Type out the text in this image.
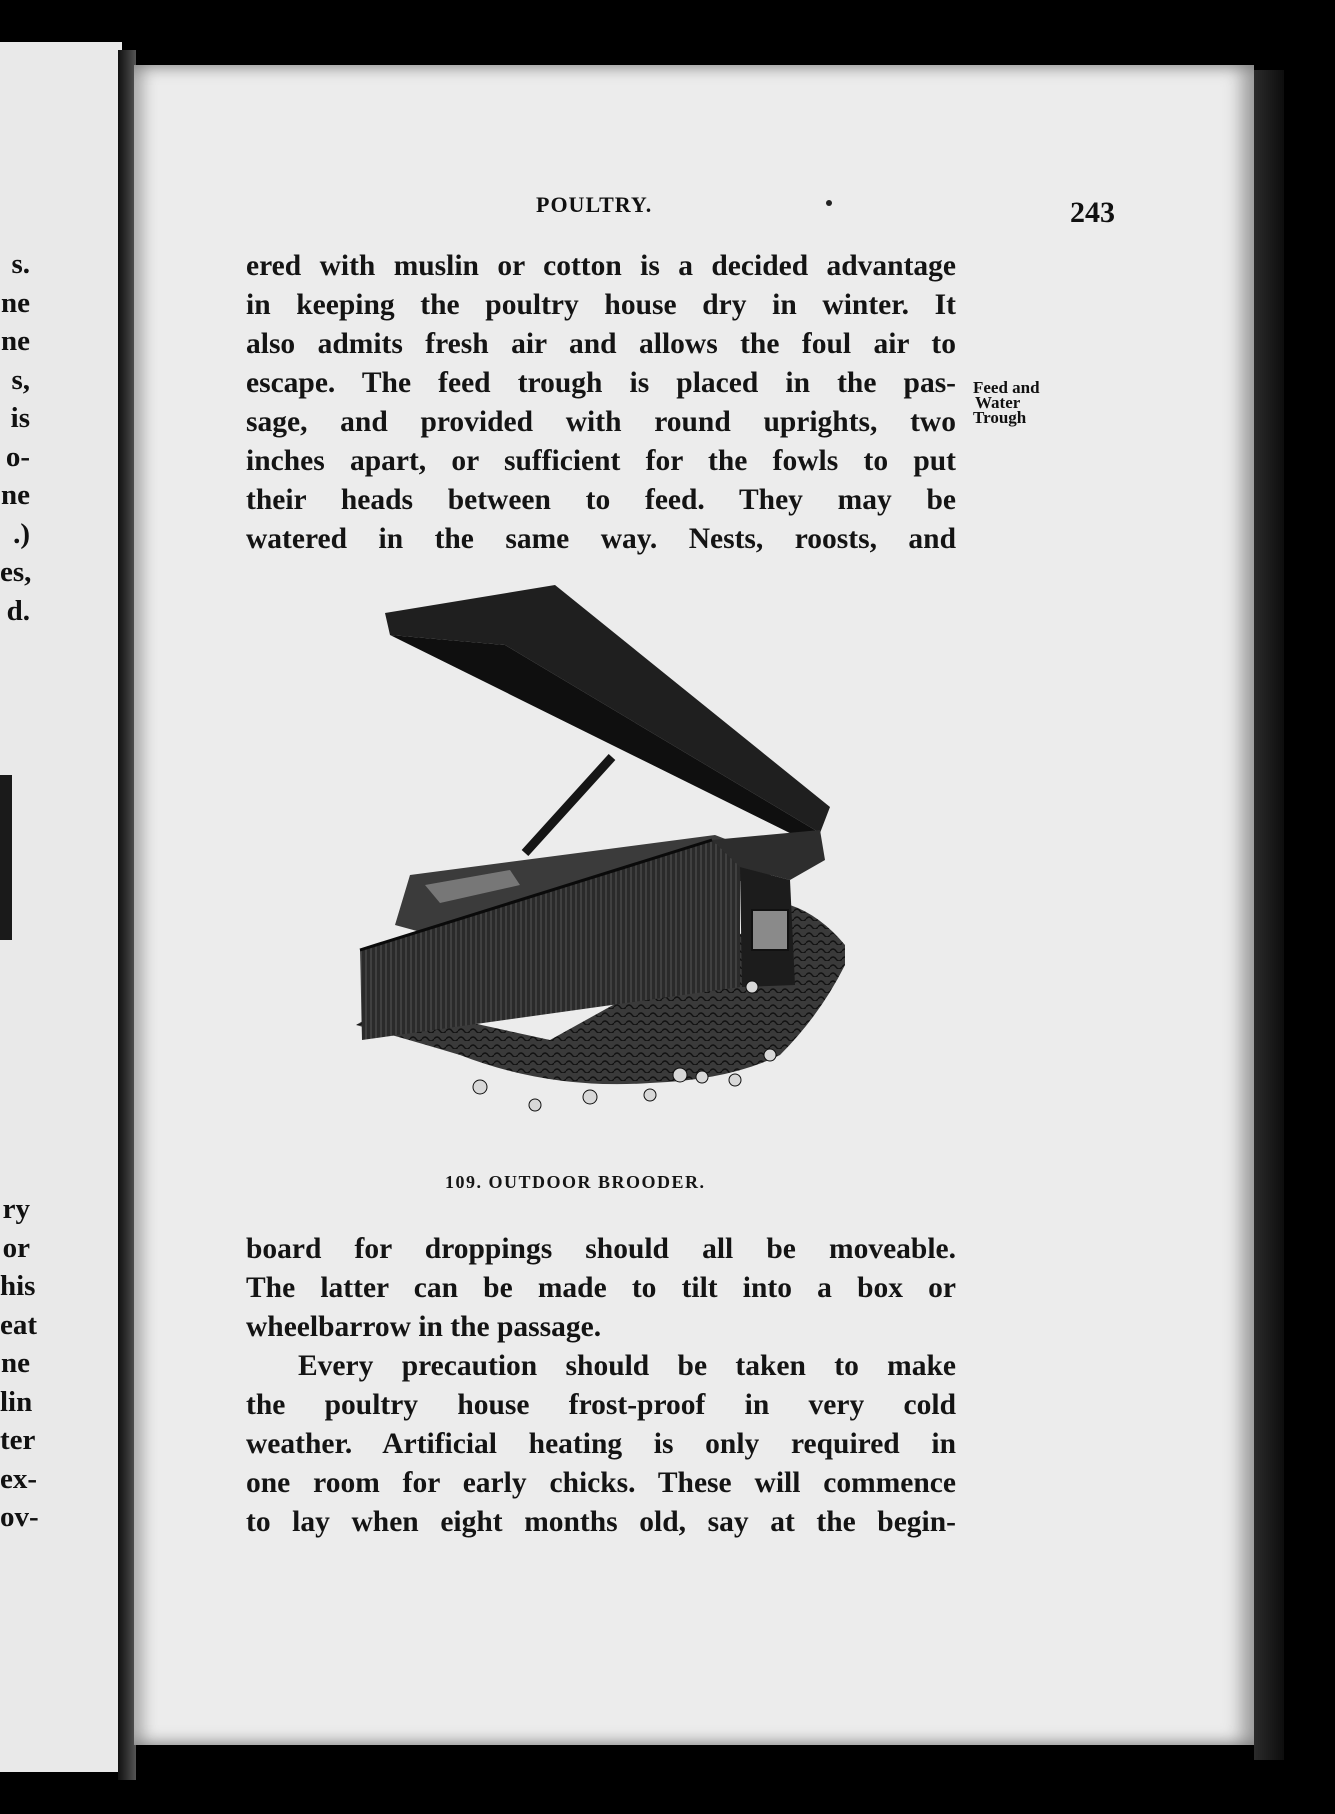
s.
ne
ne
s,
is
o-
ne
.)
es,
d.
ry
or
his
eat
ne
lin
ter
ex-
ov-
POULTRY.	243
ered with muslin or cotton is a decided advantage
in keeping the poultry house dry in winter. It
also admits fresh air and allows the foul air to
escape. The feed trough is placed in the pas-
sage, and provided with round uprights, two
inches apart, or sufficient for the fowls to put
their heads between to feed. They may be
watered in the same way. Nests, roosts, and
Feed and
Water
Trough
109. OUTDOOR BROODER.
board for droppings should all be moveable.
The latter can be made to tilt into a box or
wheelbarrow in the passage.
Every precaution should be taken to make
the poultry house frost-proof in very cold
weather. Artificial heating is only required in
one room for early chicks. These will commence
to lay when eight months old, say at the begin-
